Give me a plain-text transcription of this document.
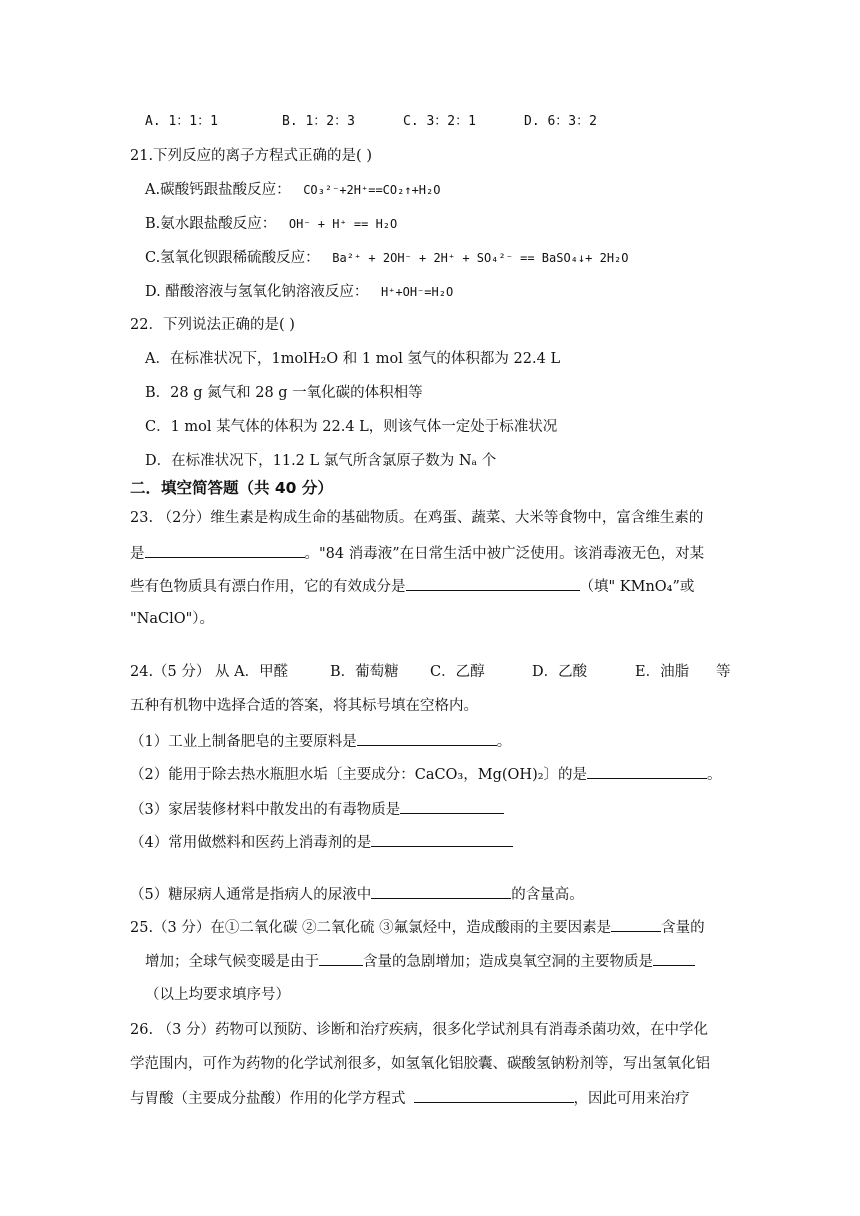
A. 1：1：1	B. 1：2：3	C. 3：2：1	D. 6：3：2
21.下列反应的离子方程式正确的是( )
A.碳酸钙跟盐酸反应： CO₃²⁻+2H⁺==CO₂↑+H₂O
B.氨水跟盐酸反应： OH⁻ + H⁺ == H₂O
C.氢氧化钡跟稀硫酸反应： Ba²⁺ + 2OH⁻ + 2H⁺ + SO₄²⁻ == BaSO₄↓+ 2H₂O
D. 醋酸溶液与氢氧化钠溶液反应： H⁺+OH⁻=H₂O
22．下列说法正确的是( )
A．在标准状况下，1molH₂O 和 1 mol 氢气的体积都为 22.4 L
B．28 g 氮气和 28 g 一氧化碳的体积相等
C．1 mol 某气体的体积为 22.4 L，则该气体一定处于标准状况
D．在标准状况下，11.2 L 氯气所含氯原子数为 Nₐ 个
二．填空简答题（共 40 分）
23. （2分）维生素是构成生命的基础物质。在鸡蛋、蔬菜、大米等食物中，富含维生素的
是	。"84 消毒液”在日常生活中被广泛使用。该消毒液无色，对某
些有色物质具有漂白作用，它的有效成分是	（填" KMnO₄”或
"NaClO"）。
24.（5 分） 从 A．甲醛	B．葡萄糖 C．乙醇	D．乙酸	E．油脂 等
五种有机物中选择合适的答案，将其标号填在空格内。
（1）工业上制备肥皂的主要原料是	。
（2）能用于除去热水瓶胆水垢〔主要成分：CaCO₃，Mg(OH)₂〕的是	。
（3）家居装修材料中散发出的有毒物质是
（4）常用做燃料和医药上消毒剂的是
（5）糖尿病人通常是指病人的尿液中	的含量高。
25.（3 分）在①二氧化碳 ②二氧化硫 ③氟氯烃中，造成酸雨的主要因素是	含量的
增加；全球气候变暖是由于	含量的急剧增加；造成臭氧空洞的主要物质是
（以上均要求填序号）
26. （3 分）药物可以预防、诊断和治疗疾病，很多化学试剂具有消毒杀菌功效，在中学化
学范围内，可作为药物的化学试剂很多，如氢氧化铝胶囊、碳酸氢钠粉剂等，写出氢氧化铝
与胃酸（主要成分盐酸）作用的化学方程式	，因此可用来治疗
